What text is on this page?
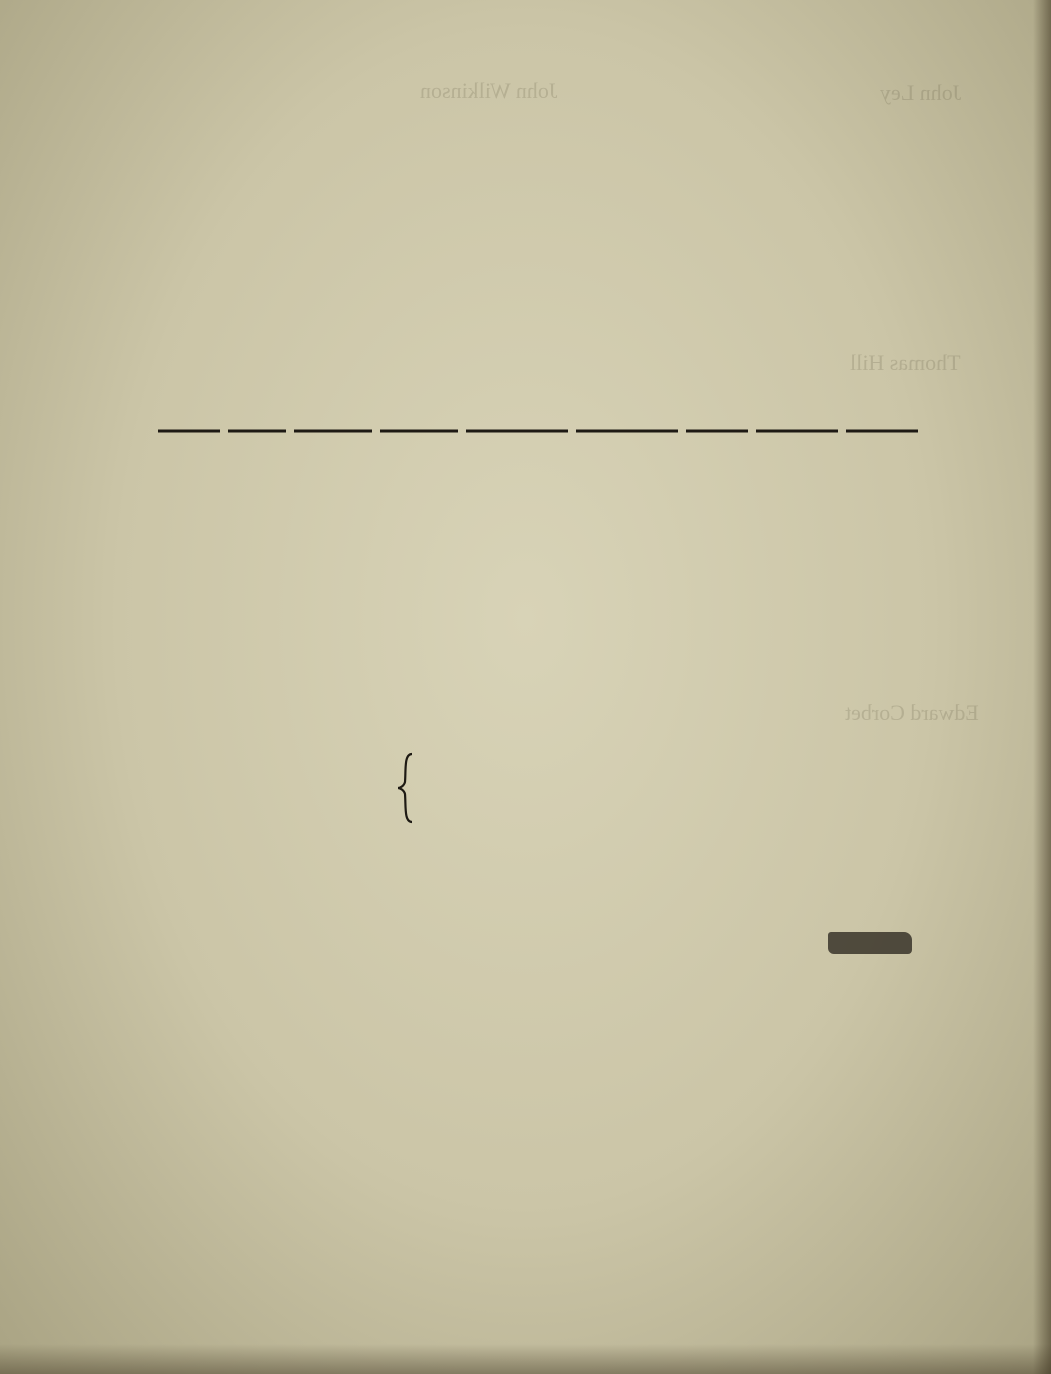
John Ley
John Wilkinson
Thomas Hill
Edward Corbet
